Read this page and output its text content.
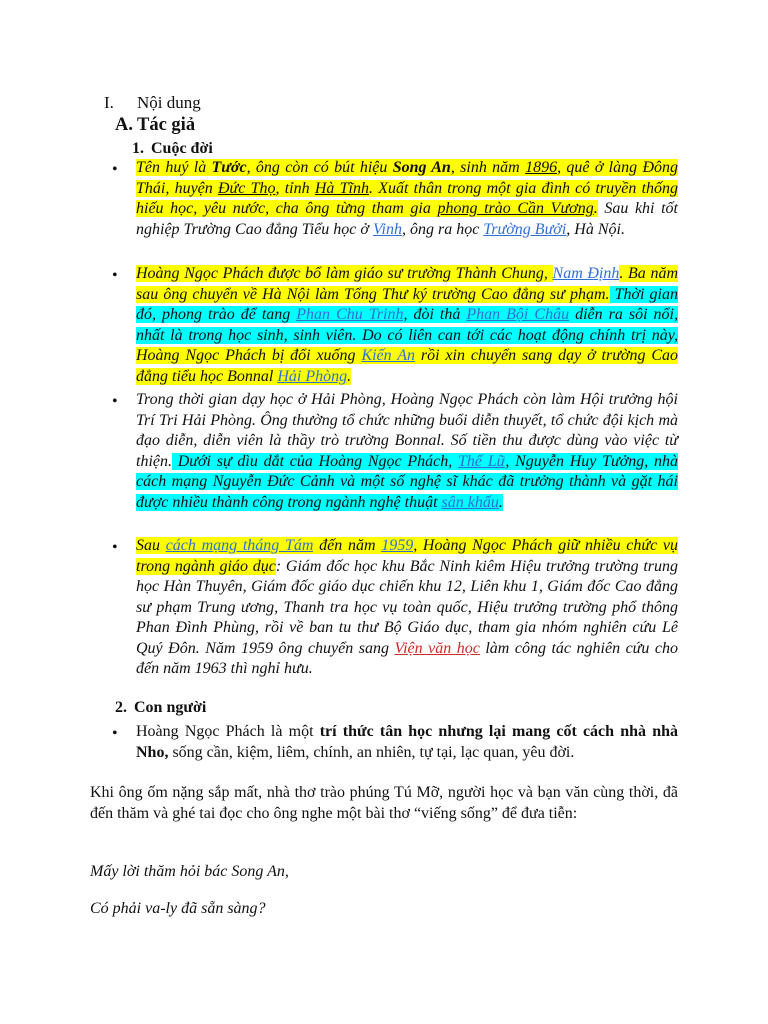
I. Nội dung
A. Tác giả
1. Cuộc đời
• Tên huý là Tước, ông còn có bút hiệu Song An, sinh năm 1896, quê ở làng Đông Thái, huyện Đức Thọ, tỉnh Hà Tĩnh. Xuất thân trong một gia đình có truyền thống hiếu học, yêu nước, cha ông từng tham gia phong trào Cần Vương. Sau khi tốt nghiệp Trường Cao đẳng Tiểu học ở Vinh, ông ra học Trường Bưởi, Hà Nội.
• Hoàng Ngọc Phách được bổ làm giáo sư trường Thành Chung, Nam Định. Ba năm sau ông chuyển về Hà Nội làm Tổng Thư ký trường Cao đẳng sư phạm. Thời gian đó, phong trào để tang Phan Chu Trinh, đòi thả Phan Bội Châu diễn ra sôi nổi, nhất là trong học sinh, sinh viên. Do có liên can tới các hoạt động chính trị này, Hoàng Ngọc Phách bị đổi xuống Kiến An rồi xin chuyển sang dạy ở trường Cao đẳng tiểu học Bonnal Hải Phòng.
• Trong thời gian dạy học ở Hải Phòng, Hoàng Ngọc Phách còn làm Hội trưởng hội Trí Tri Hải Phòng. Ông thường tổ chức những buổi diễn thuyết, tổ chức đội kịch mà đạo diễn, diễn viên là thầy trò trường Bonnal. Số tiền thu được dùng vào việc từ thiện. Dưới sự dìu dắt của Hoàng Ngọc Phách, Thế Lữ, Nguyễn Huy Tưởng, nhà cách mạng Nguyễn Đức Cảnh và một số nghệ sĩ khác đã trưởng thành và gặt hái được nhiều thành công trong ngành nghệ thuật sân khấu.
• Sau cách mạng tháng Tám đến năm 1959, Hoàng Ngọc Phách giữ nhiều chức vụ trong ngành giáo dục: Giám đốc học khu Bắc Ninh kiêm Hiệu trưởng trường trung học Hàn Thuyên, Giám đốc giáo dục chiến khu 12, Liên khu 1, Giám đốc Cao đẳng sư phạm Trung ương, Thanh tra học vụ toàn quốc, Hiệu trưởng trường phổ thông Phan Đình Phùng, rồi về ban tu thư Bộ Giáo dục, tham gia nhóm nghiên cứu Lê Quý Đôn. Năm 1959 ông chuyển sang Viện văn học làm công tác nghiên cứu cho đến năm 1963 thì nghỉ hưu.
2. Con người
• Hoàng Ngọc Phách là một trí thức tân học nhưng lại mang cốt cách nhà nhà Nho, sống cần, kiệm, liêm, chính, an nhiên, tự tại, lạc quan, yêu đời.
Khi ông ốm nặng sắp mất, nhà thơ trào phúng Tú Mỡ, người học và bạn văn cùng thời, đã đến thăm và ghé tai đọc cho ông nghe một bài thơ “viếng sống” để đưa tiễn:
Mấy lời thăm hỏi bác Song An,
Có phải va-ly đã sẵn sàng?
